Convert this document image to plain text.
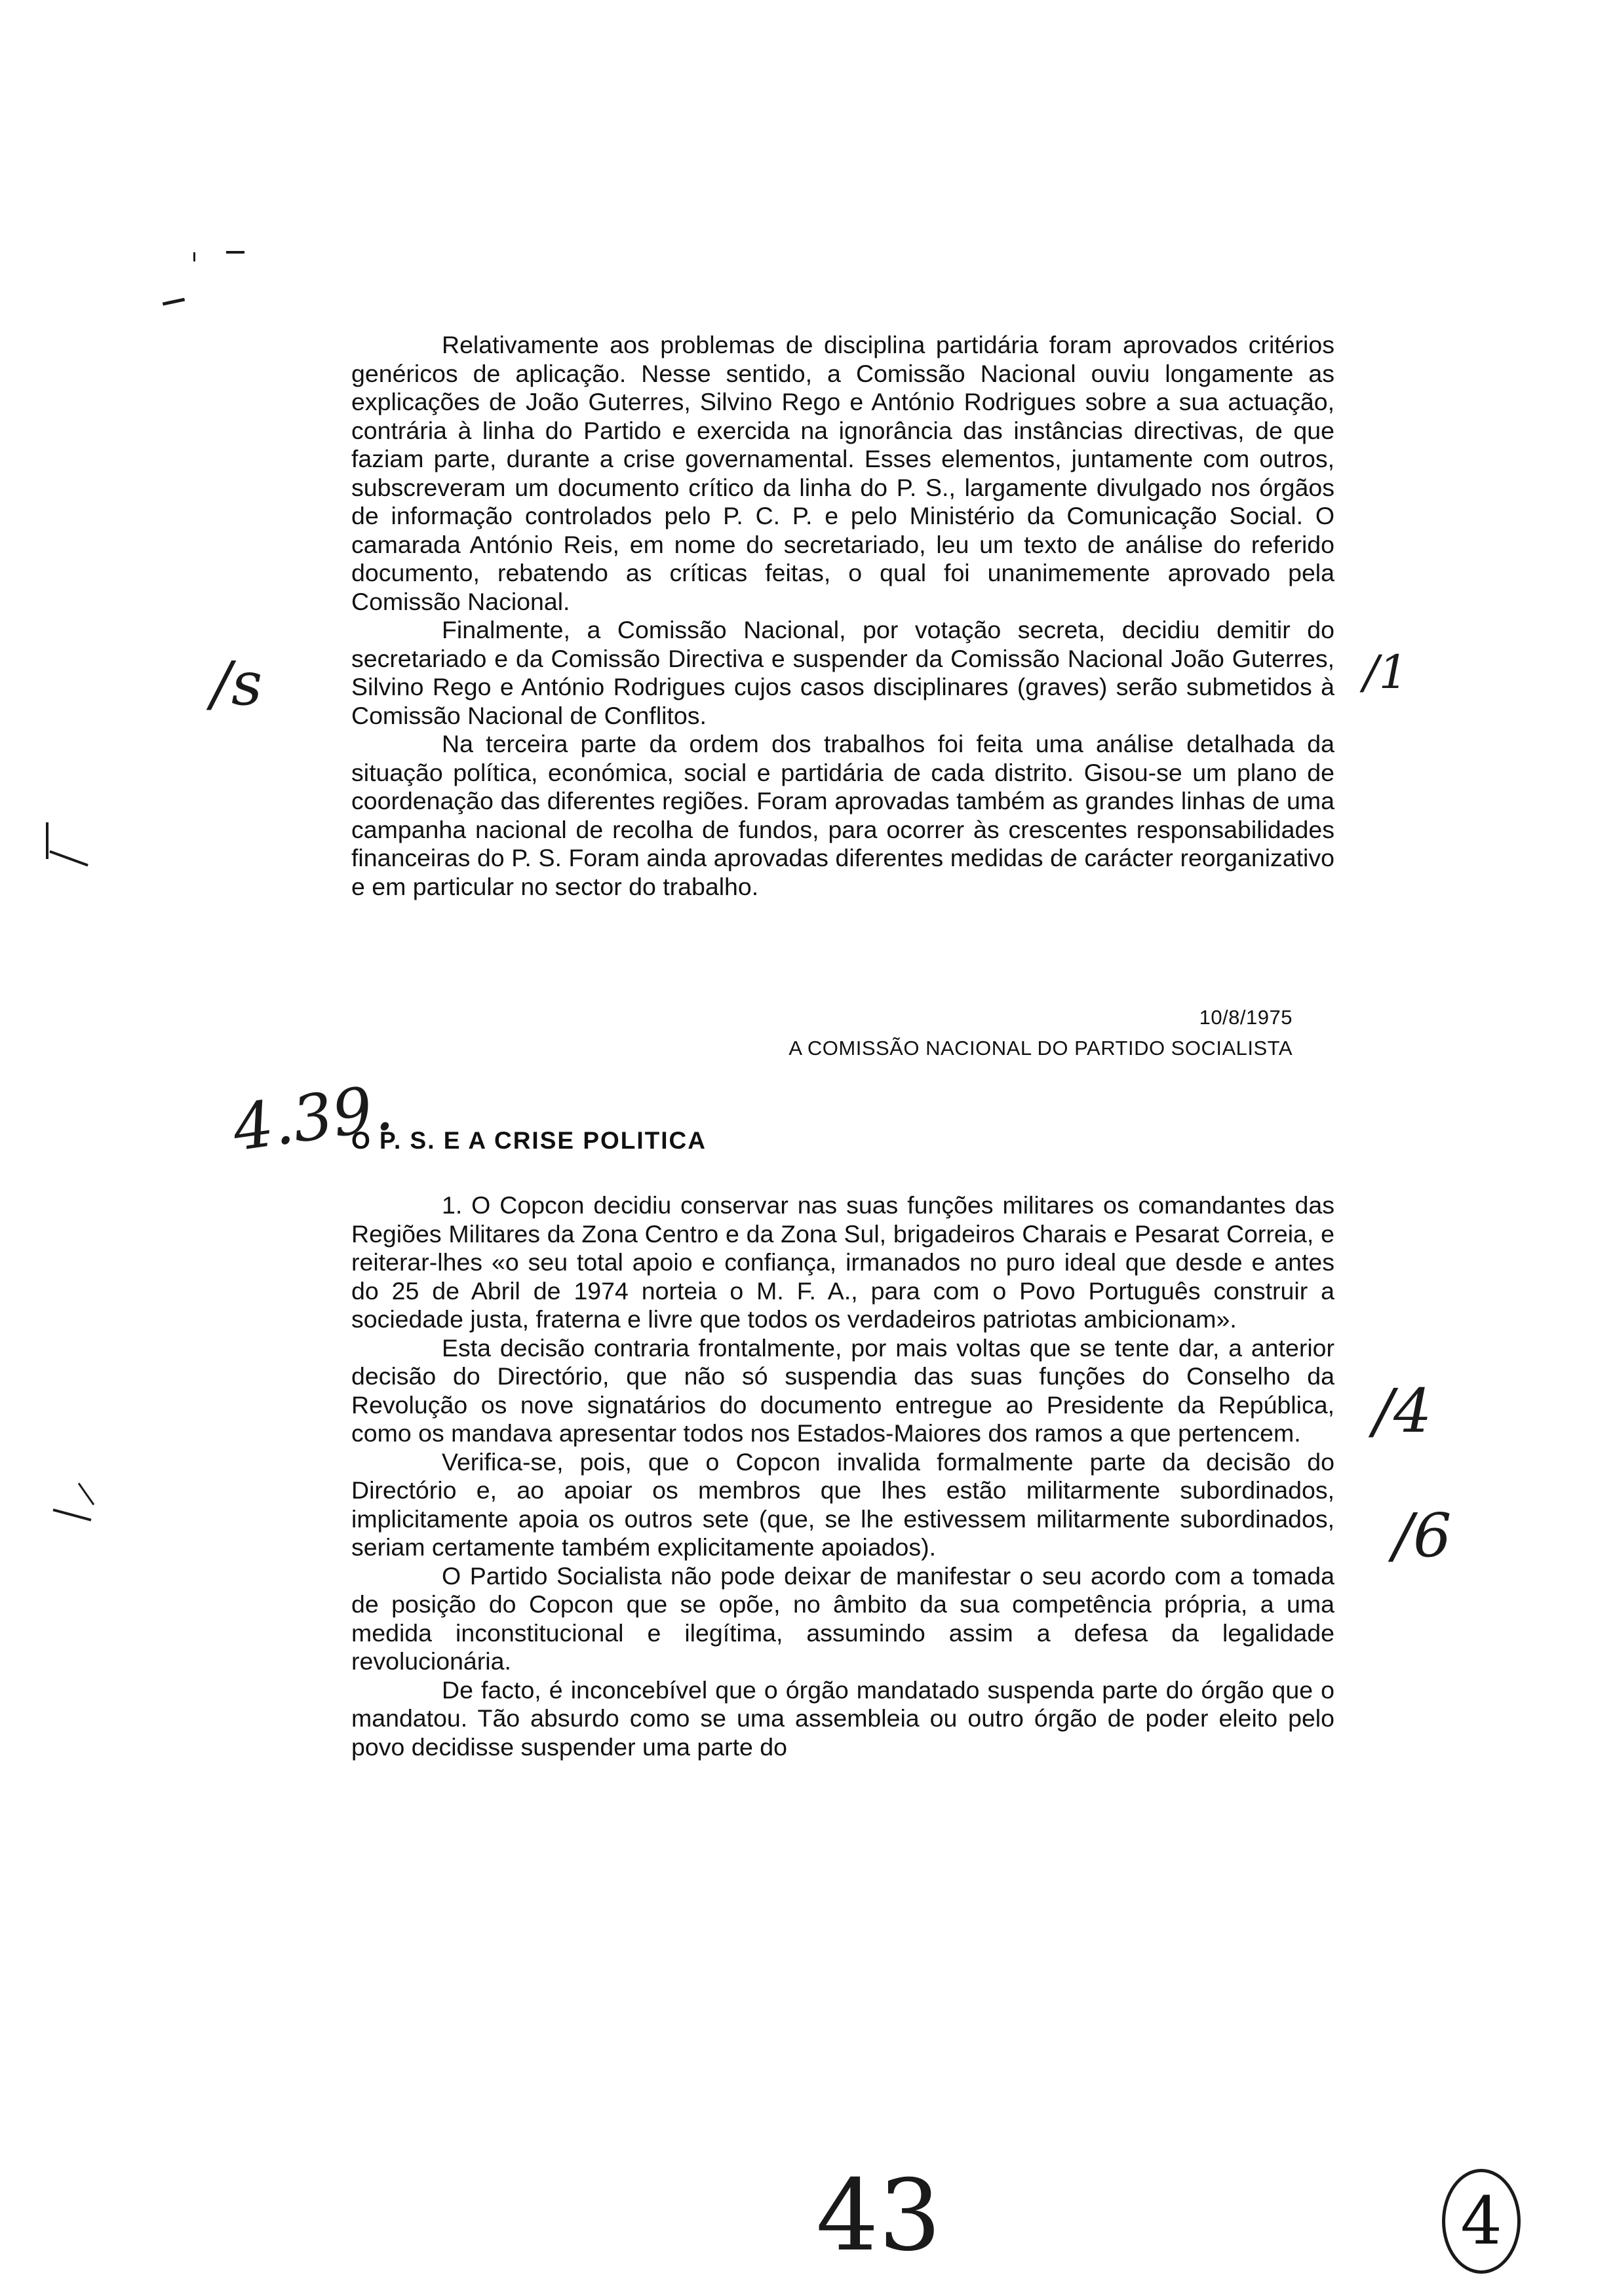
Relativamente aos problemas de disciplina partidária foram aprovados critérios genéricos de aplicação. Nesse sentido, a Comissão Nacional ouviu longamente as explicações de João Guterres, Silvino Rego e António Rodrigues sobre a sua actuação, contrária à linha do Partido e exercida na ignorância das instâncias directivas, de que faziam parte, durante a crise governamental. Esses elementos, juntamente com outros, subscreveram um documento crítico da linha do P. S., largamente divulgado nos órgãos de informação controlados pelo P. C. P. e pelo Ministério da Comunicação Social. O camarada António Reis, em nome do secretariado, leu um texto de análise do referido documento, rebatendo as críticas feitas, o qual foi unanimemente aprovado pela Comissão Nacional.

Finalmente, a Comissão Nacional, por votação secreta, decidiu demitir do secretariado e da Comissão Directiva e suspender da Comissão Nacional João Guterres, Silvino Rego e António Rodrigues cujos casos disciplinares (graves) serão submetidos à Comissão Nacional de Conflitos.

Na terceira parte da ordem dos trabalhos foi feita uma análise detalhada da situação política, económica, social e partidária de cada distrito. Gisou-se um plano de coordenação das diferentes regiões. Foram aprovadas também as grandes linhas de uma campanha nacional de recolha de fundos, para ocorrer às crescentes responsabilidades financeiras do P. S. Foram ainda aprovadas diferentes medidas de carácter reorganizativo e em particular no sector do trabalho.

10/8/1975
A COMISSÃO NACIONAL DO PARTIDO SOCIALISTA
O P. S. E A CRISE POLITICA

1. O Copcon decidiu conservar nas suas funções militares os comandantes das Regiões Militares da Zona Centro e da Zona Sul, brigadeiros Charais e Pesarat Correia, e reiterar-lhes «o seu total apoio e confiança, irmanados no puro ideal que desde e antes do 25 de Abril de 1974 norteia o M. F. A., para com o Povo Português construir a sociedade justa, fraterna e livre que todos os verdadeiros patriotas ambicionam».

Esta decisão contraria frontalmente, por mais voltas que se tente dar, a anterior decisão do Directório, que não só suspendia das suas funções do Conselho da Revolução os nove signatários do documento entregue ao Presidente da República, como os mandava apresentar todos nos Estados-Maiores dos ramos a que pertencem.

Verifica-se, pois, que o Copcon invalida formalmente parte da decisão do Directório e, ao apoiar os membros que lhes estão militarmente subordinados, implicitamente apoia os outros sete (que, se lhe estivessem militarmente subordinados, seriam certamente também explicitamente apoiados).

O Partido Socialista não pode deixar de manifestar o seu acordo com a tomada de posição do Copcon que se opõe, no âmbito da sua competência própria, a uma medida inconstitucional e ilegítima, assumindo assim a defesa da legalidade revolucionária.

De facto, é inconcebível que o órgão mandatado suspenda parte do órgão que o mandatou. Tão absurdo como se uma assembleia ou outro órgão de poder eleito pelo povo decidisse suspender uma parte do

4.39.
/s	/1
/4
/6
43	4
